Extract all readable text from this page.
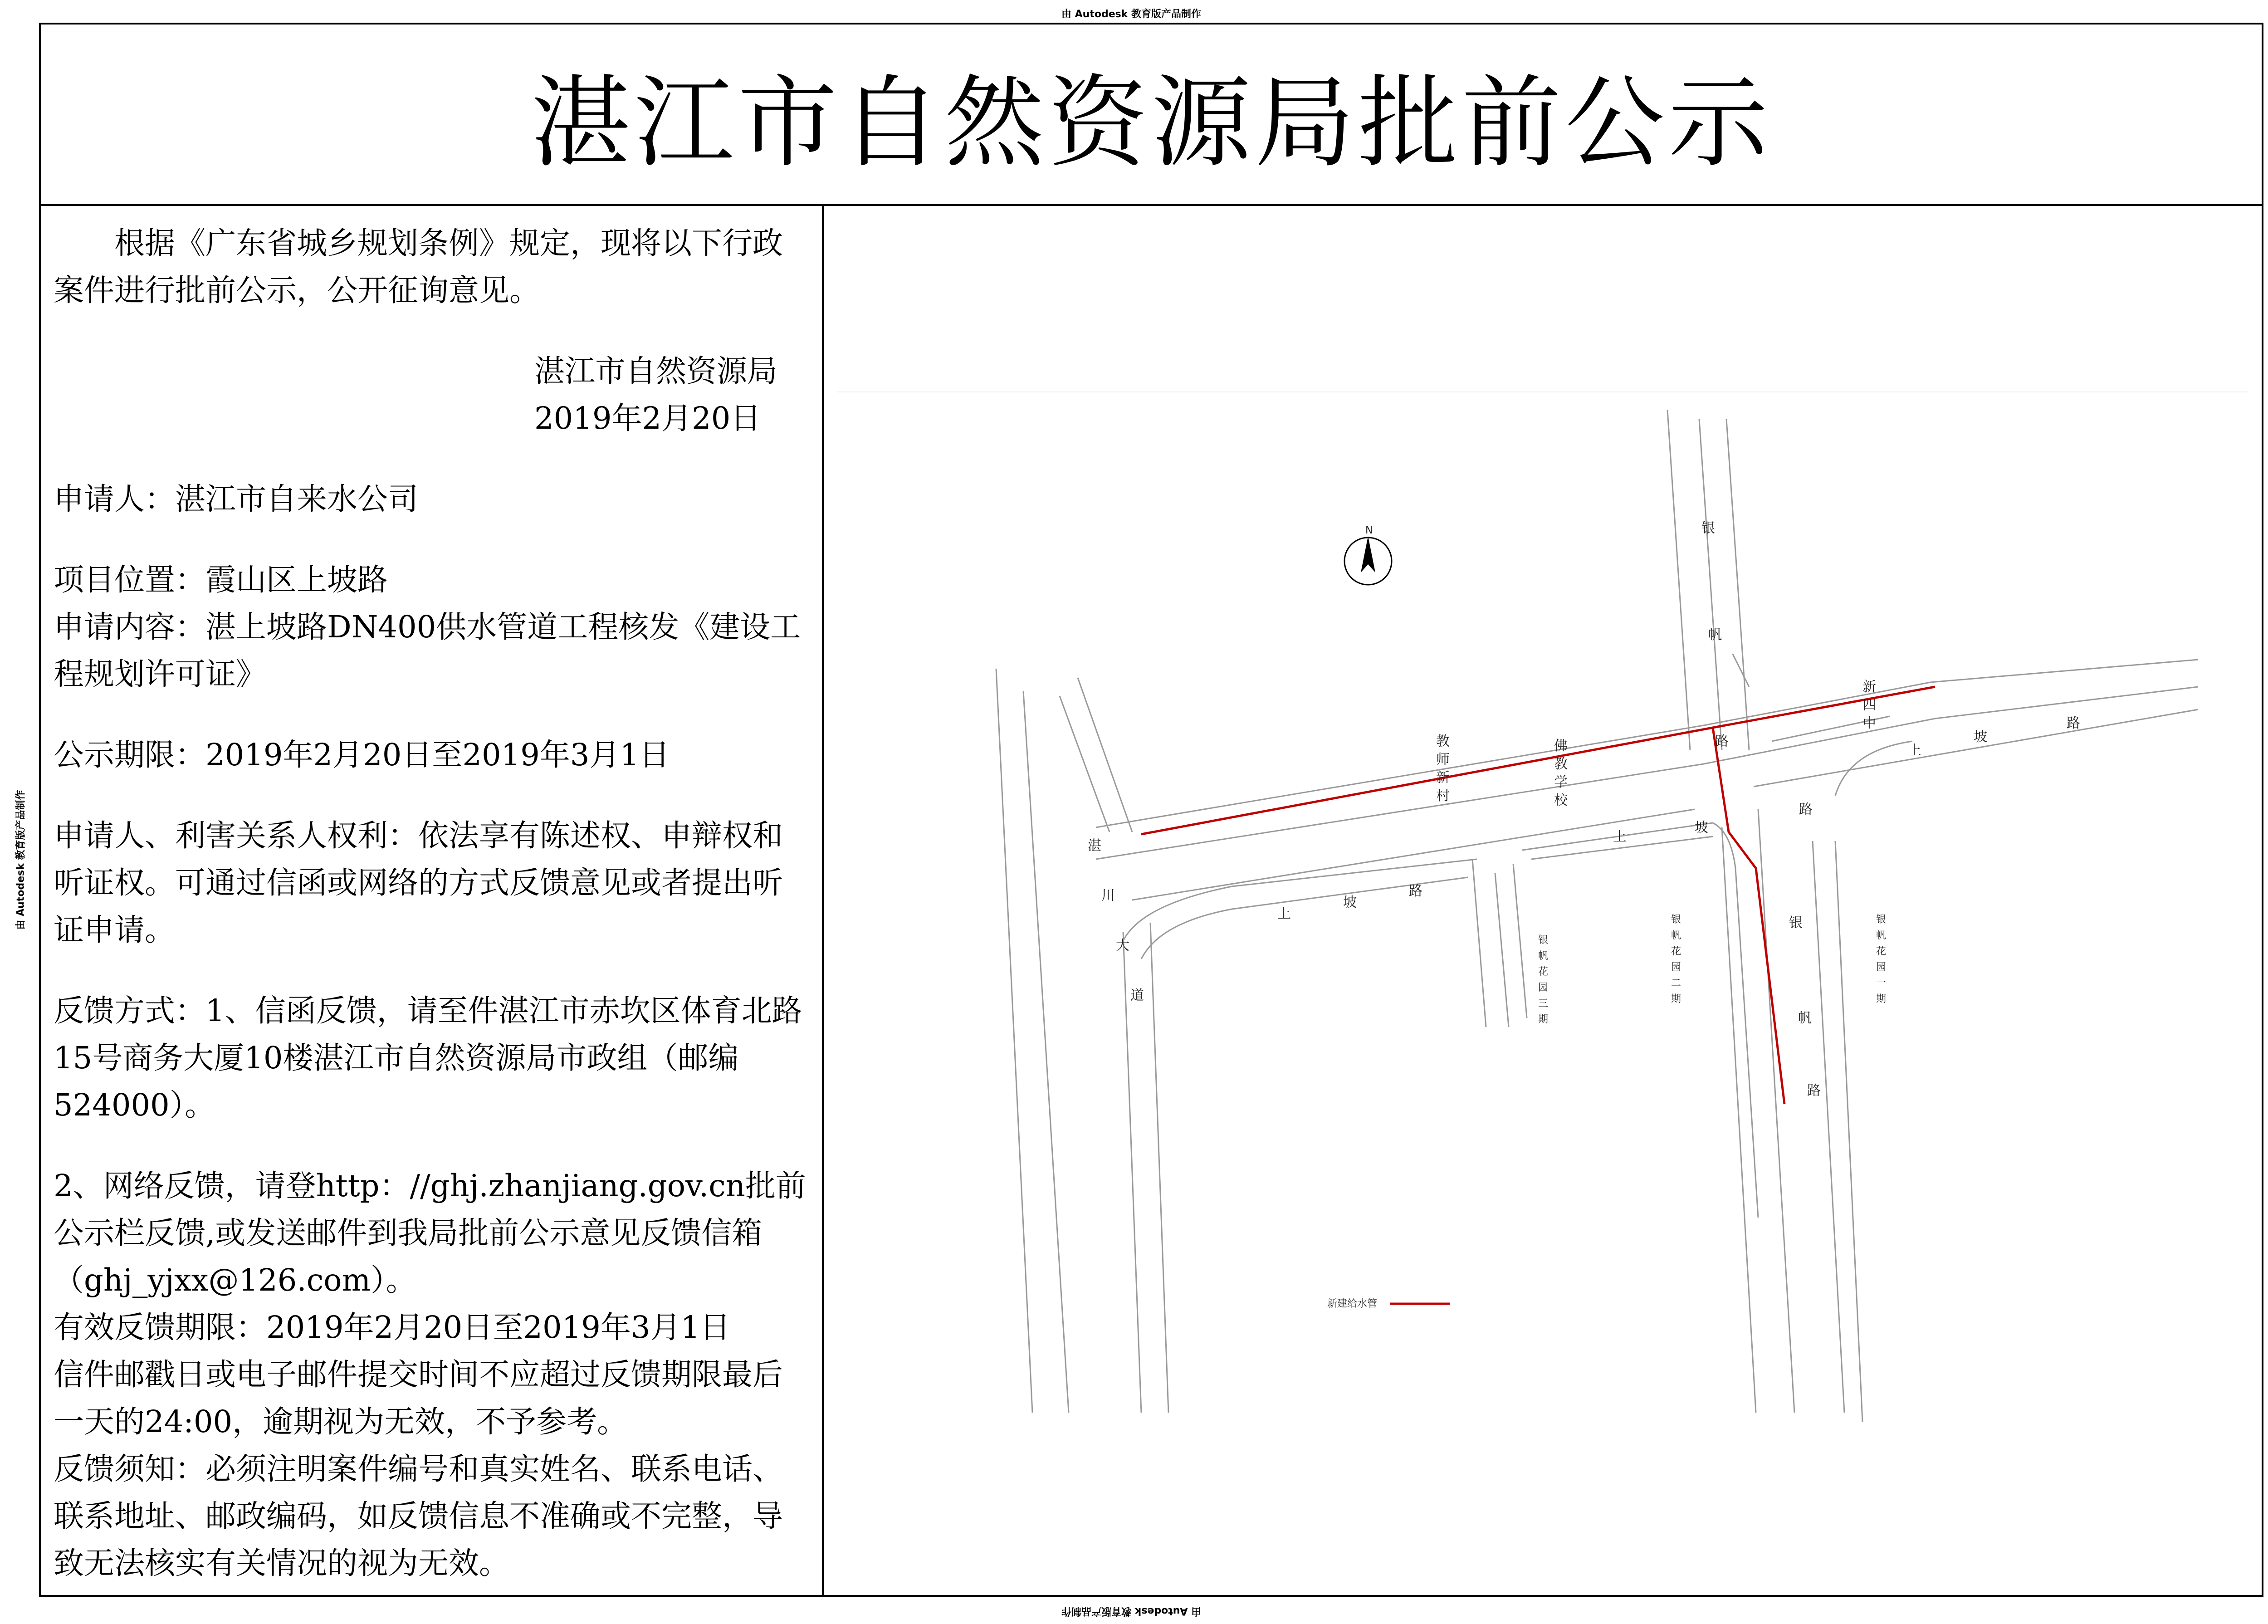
由 Autodesk 教育版产品制作
由 Autodesk 教育版产品制作
由 Autodesk 教育版产品制作
湛江市自然资源局批前公示

根据《广东省城乡规划条例》规定，现将以下行政案件进行批前公示，公开征询意见。

湛江市自然资源局

2019年2月20日

申请人：湛江市自来水公司

项目位置：霞山区上坡路

申请内容：湛上坡路DN400供水管道工程核发《建设工程规划许可证》

公示期限：2019年2月20日至2019年3月1日

申请人、利害关系人权利：依法享有陈述权、申辩权和听证权。可通过信函或网络的方式反馈意见或者提出听证申请。

反馈方式：1、信函反馈，请至件湛江市赤坎区体育北路15号商务大厦10楼湛江市自然资源局市政组（邮编524000）。

2、网络反馈，请登http：//ghj.zhanjiang.gov.cn批前公示栏反馈,或发送邮件到我局批前公示意见反馈信箱（ghj_yjxx@126.com）。

有效反馈期限：2019年2月20日至2019年3月1日

信件邮戳日或电子邮件提交时间不应超过反馈期限最后一天的24:00，逾期视为无效，不予参考。

反馈须知：必须注明案件编号和真实姓名、联系电话、联系地址、邮政编码，如反馈信息不准确或不完整，导致无法核实有关情况的视为无效。

N	银
帆
路
新
四
中
上
坡
路
教
师
新
村
佛
教
学
校
上
坡
路
湛
川
大
道
上
坡
路
银
帆
花
园
三
期
银
帆
花
园
二
期
银
帆
花
园
一
期
银
帆
路
新建给水管
